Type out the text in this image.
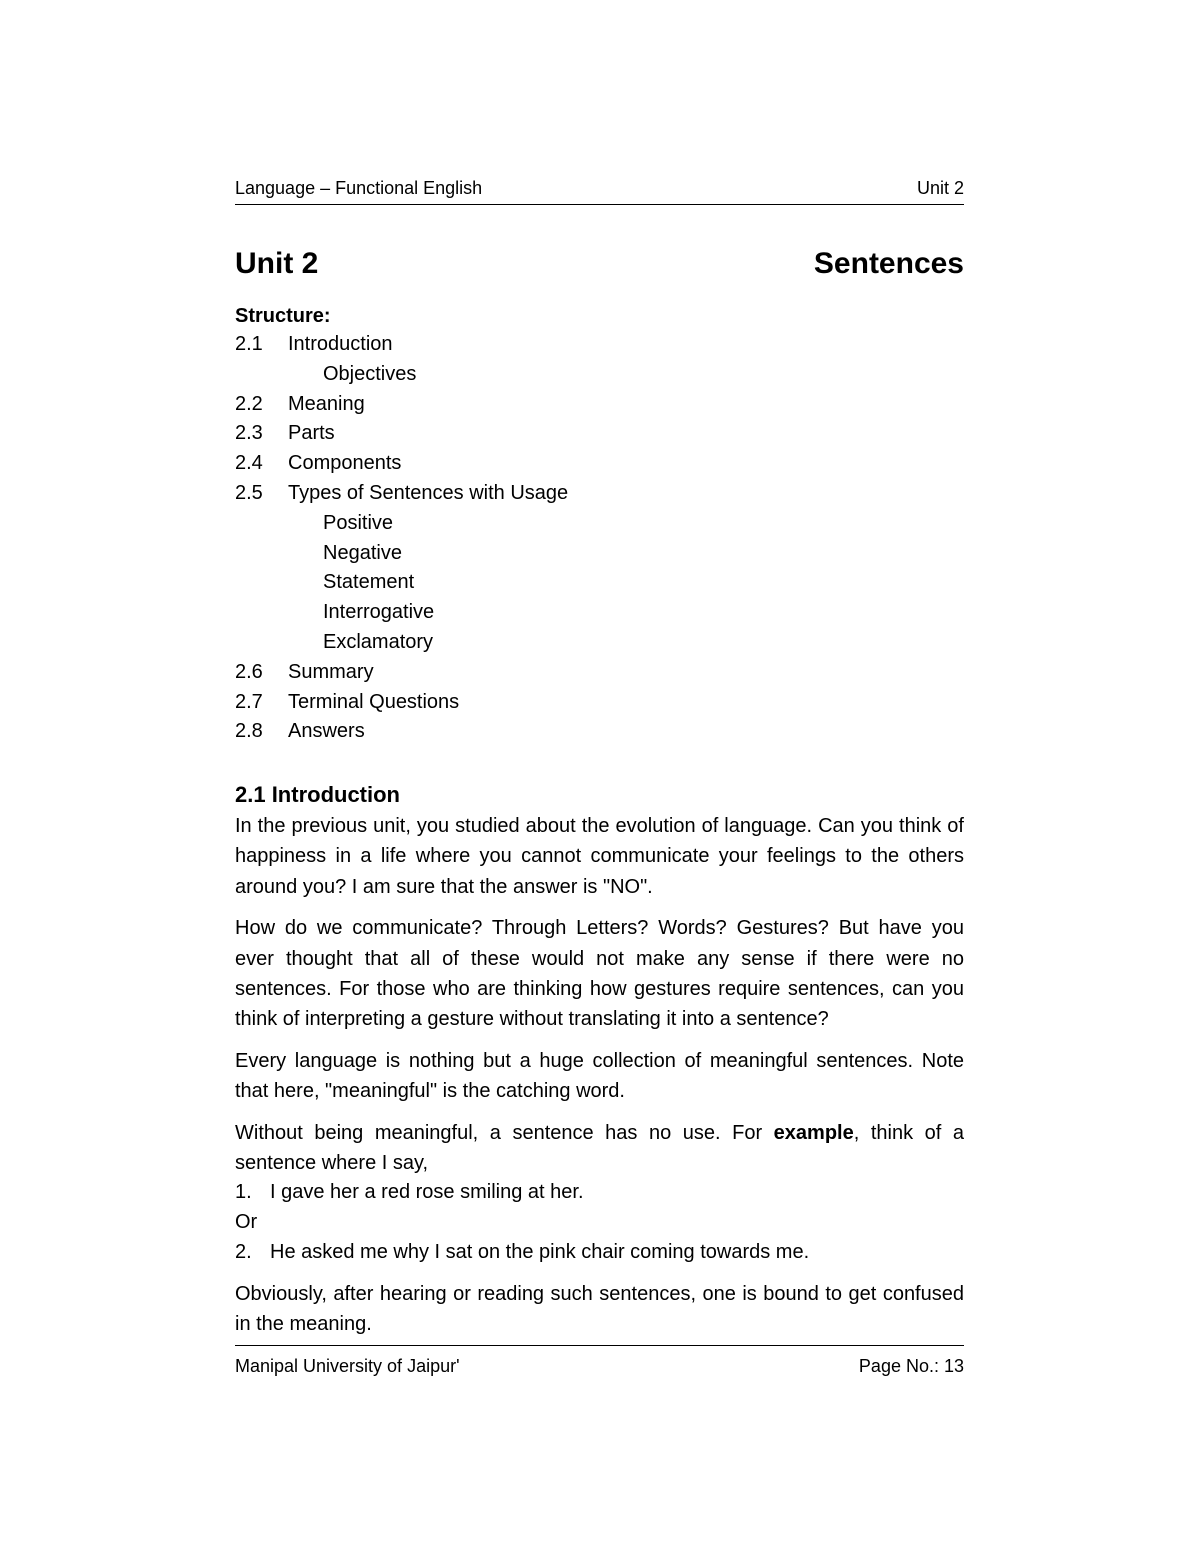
Language – Functional English	Unit 2
Unit 2	Sentences
Structure:
2.1 Introduction
Objectives
2.2 Meaning
2.3 Parts
2.4 Components
2.5 Types of Sentences with Usage
Positive
Negative
Statement
Interrogative
Exclamatory
2.6 Summary
2.7 Terminal Questions
2.8 Answers
2.1 Introduction

In the previous unit, you studied about the evolution of language. Can you think of happiness in a life where you cannot communicate your feelings to the others around you? I am sure that the answer is "NO".

How do we communicate? Through Letters? Words? Gestures? But have you ever thought that all of these would not make any sense if there were no sentences. For those who are thinking how gestures require sentences, can you think of interpreting a gesture without translating it into a sentence?

Every language is nothing but a huge collection of meaningful sentences. Note that here, "meaningful" is the catching word.

Without being meaningful, a sentence has no use. For example, think of a sentence where I say,

1. I gave her a red rose smiling at her.

Or

2. He asked me why I sat on the pink chair coming towards me.

Obviously, after hearing or reading such sentences, one is bound to get confused in the meaning.

Manipal University of Jaipur'	Page No.: 13
